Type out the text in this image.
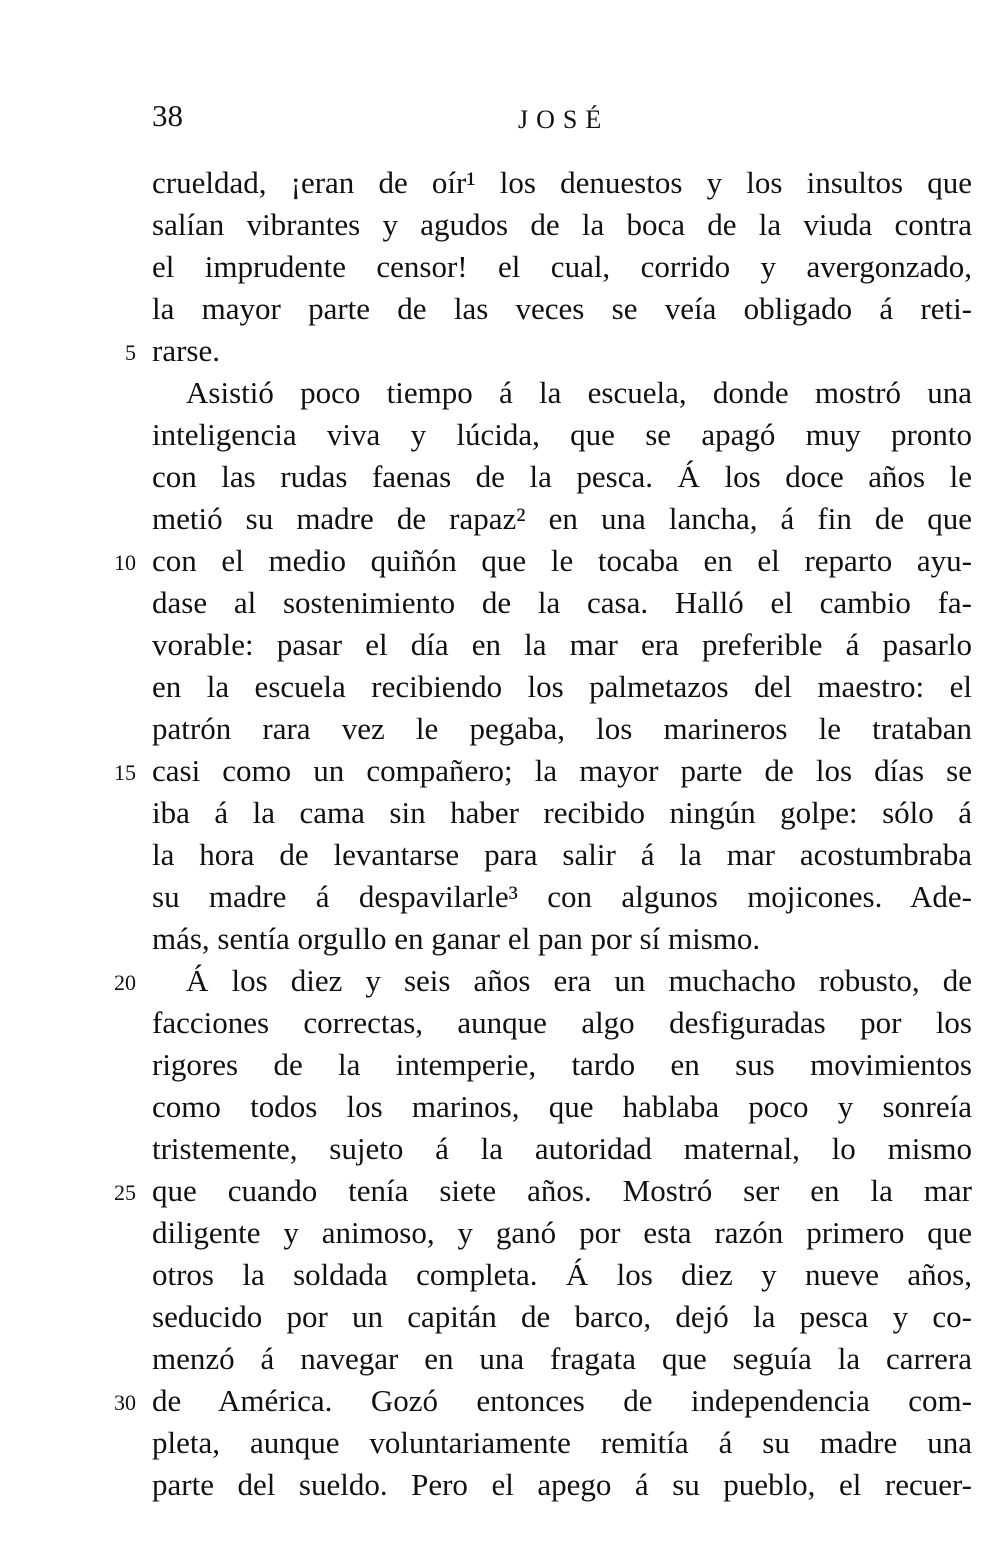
38	JOSÉ
crueldad, ¡eran de oír¹ los denuestos y los insultos que
salían vibrantes y agudos de la boca de la viuda contra
el imprudente censor! el cual, corrido y avergonzado,
la mayor parte de las veces se veía obligado á reti-
5 rarse.
Asistió poco tiempo á la escuela, donde mostró una
inteligencia viva y lúcida, que se apagó muy pronto
con las rudas faenas de la pesca. Á los doce años le
metió su madre de rapaz² en una lancha, á fin de que
10 con el medio quiñón que le tocaba en el reparto ayu-
dase al sostenimiento de la casa. Halló el cambio fa-
vorable: pasar el día en la mar era preferible á pasarlo
en la escuela recibiendo los palmetazos del maestro: el
patrón rara vez le pegaba, los marineros le trataban
15 casi como un compañero; la mayor parte de los días se
iba á la cama sin haber recibido ningún golpe: sólo á
la hora de levantarse para salir á la mar acostumbraba
su madre á despavilarle³ con algunos mojicones. Ade-
más, sentía orgullo en ganar el pan por sí mismo.
20 Á los diez y seis años era un muchacho robusto, de
facciones correctas, aunque algo desfiguradas por los
rigores de la intemperie, tardo en sus movimientos
como todos los marinos, que hablaba poco y sonreía
tristemente, sujeto á la autoridad maternal, lo mismo
25 que cuando tenía siete años. Mostró ser en la mar
diligente y animoso, y ganó por esta razón primero que
otros la soldada completa. Á los diez y nueve años,
seducido por un capitán de barco, dejó la pesca y co-
menzó á navegar en una fragata que seguía la carrera
30 de América. Gozó entonces de independencia com-
pleta, aunque voluntariamente remitía á su madre una
parte del sueldo. Pero el apego á su pueblo, el recuer-
